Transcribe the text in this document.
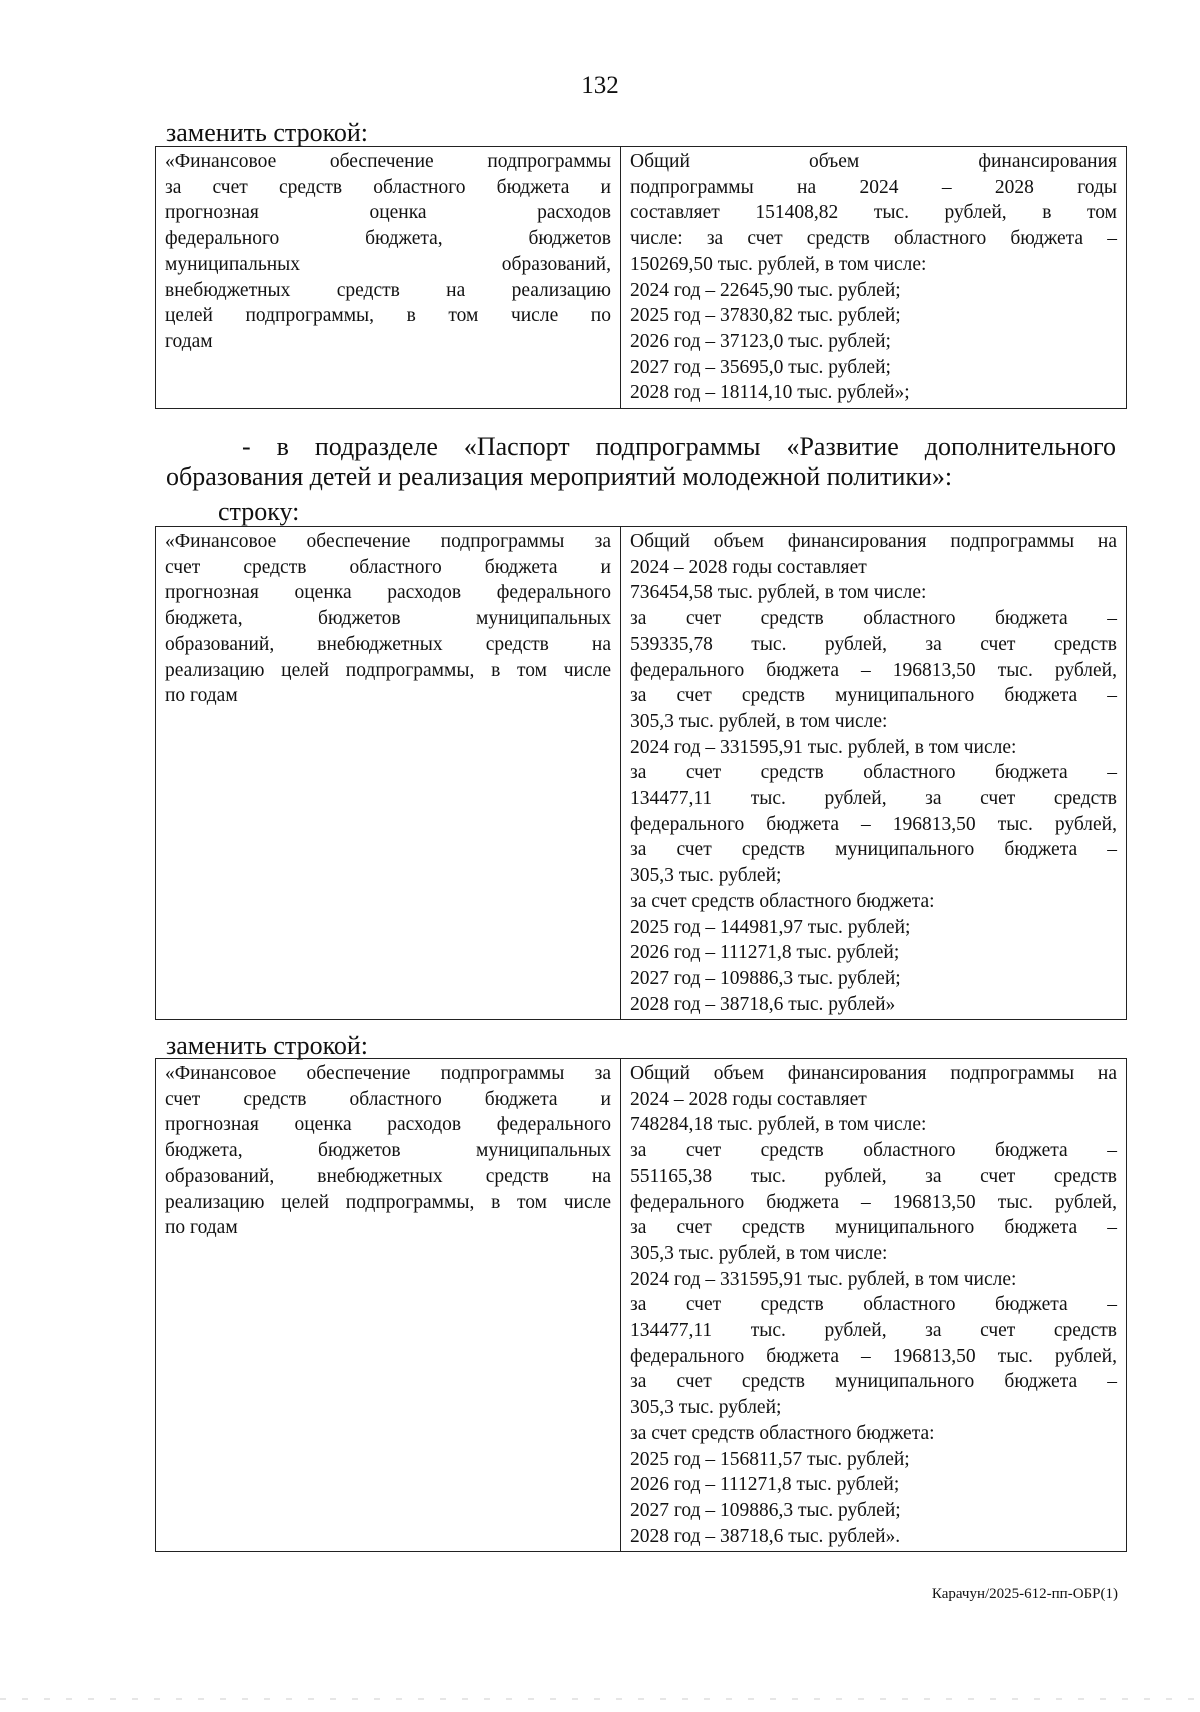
132
заменить строкой:
«Финансовое обеспечение подпрограммы
за счет средств областного бюджета и
прогнозная оценка расходов
федерального бюджета, бюджетов
муниципальных образований,
внебюджетных средств на реализацию
целей подпрограммы, в том числе по
годам

Общий объем финансирования
подпрограммы на 2024 – 2028 годы
составляет 151408,82 тыс. рублей, в том
числе: за счет средств областного бюджета –
150269,50 тыс. рублей, в том числе:
2024 год – 22645,90 тыс. рублей;
2025 год – 37830,82 тыс. рублей;
2026 год – 37123,0 тыс. рублей;
2027 год – 35695,0 тыс. рублей;
2028 год – 18114,10 тыс. рублей»;
- в подразделе «Паспорт подпрограммы «Развитие дополнительного
образования детей и реализация мероприятий молодежной политики»:
строку:
«Финансовое обеспечение подпрограммы за
счет средств областного бюджета и
прогнозная оценка расходов федерального
бюджета, бюджетов муниципальных
образований, внебюджетных средств на
реализацию целей подпрограммы, в том числе
по годам

Общий объем финансирования подпрограммы на
2024 – 2028 годы составляет
736454,58 тыс. рублей, в том числе:
за счет средств областного бюджета –
539335,78 тыс. рублей, за счет средств
федерального бюджета – 196813,50 тыс. рублей,
за счет средств муниципального бюджета –
305,3 тыс. рублей, в том числе:
2024 год – 331595,91 тыс. рублей, в том числе:
за счет средств областного бюджета –
134477,11 тыс. рублей, за счет средств
федерального бюджета – 196813,50 тыс. рублей,
за счет средств муниципального бюджета –
305,3 тыс. рублей;
за счет средств областного бюджета:
2025 год – 144981,97 тыс. рублей;
2026 год – 111271,8 тыс. рублей;
2027 год – 109886,3 тыс. рублей;
2028 год – 38718,6 тыс. рублей»
заменить строкой:
«Финансовое обеспечение подпрограммы за
счет средств областного бюджета и
прогнозная оценка расходов федерального
бюджета, бюджетов муниципальных
образований, внебюджетных средств на
реализацию целей подпрограммы, в том числе
по годам

Общий объем финансирования подпрограммы на
2024 – 2028 годы составляет
748284,18 тыс. рублей, в том числе:
за счет средств областного бюджета –
551165,38 тыс. рублей, за счет средств
федерального бюджета – 196813,50 тыс. рублей,
за счет средств муниципального бюджета –
305,3 тыс. рублей, в том числе:
2024 год – 331595,91 тыс. рублей, в том числе:
за счет средств областного бюджета –
134477,11 тыс. рублей, за счет средств
федерального бюджета – 196813,50 тыс. рублей,
за счет средств муниципального бюджета –
305,3 тыс. рублей;
за счет средств областного бюджета:
2025 год – 156811,57 тыс. рублей;
2026 год – 111271,8 тыс. рублей;
2027 год – 109886,3 тыс. рублей;
2028 год – 38718,6 тыс. рублей».
Карачун/2025-612-пп-ОБР(1)
